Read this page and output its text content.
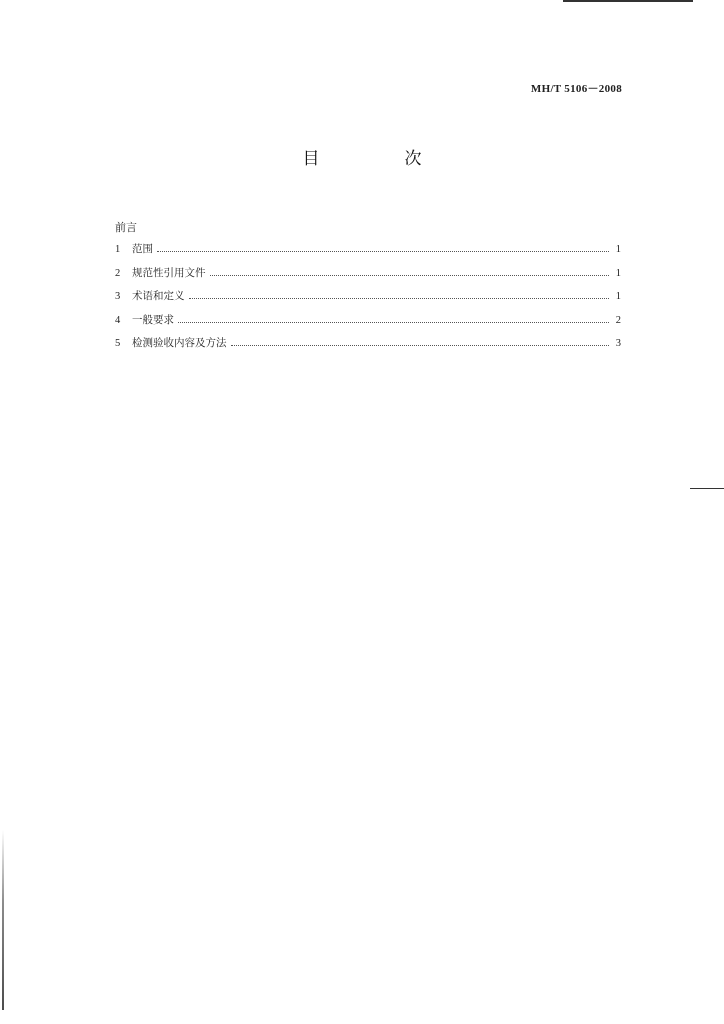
MH/T 5106－2008
目　次
前言
1	范围	1
2	规范性引用文件	1
3	术语和定义	1
4	一般要求	2
5	检测验收内容及方法	3
